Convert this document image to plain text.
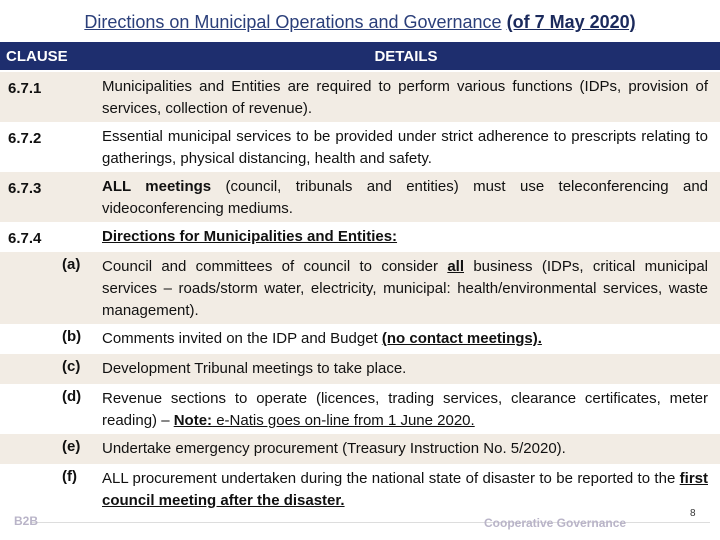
Directions on Municipal Operations and Governance (of 7 May 2020)
CLAUSE	DETAILS
6.7.1	Municipalities and Entities are required to perform various functions (IDPs, provision of services, collection of revenue).
6.7.2	Essential municipal services to be provided under strict adherence to prescripts relating to gatherings, physical distancing, health and safety.
6.7.3	ALL meetings (council, tribunals and entities) must use teleconferencing and videoconferencing mediums.
6.7.4	Directions for Municipalities and Entities:
(a)	Council and committees of council to consider all business (IDPs, critical municipal services – roads/storm water, electricity, municipal: health/environmental services, waste management).
(b)	Comments invited on the IDP and Budget (no contact meetings).
(c)	Development Tribunal meetings to take place.
(d)	Revenue sections to operate (licences, trading services, clearance certificates, meter reading) – Note: e-Natis goes on-line from 1 June 2020.
(e)	Undertake emergency procurement (Treasury Instruction No. 5/2020).
(f)	ALL procurement undertaken during the national state of disaster to be reported to the first council meeting after the disaster.
B2B	Cooperative Governance
8
